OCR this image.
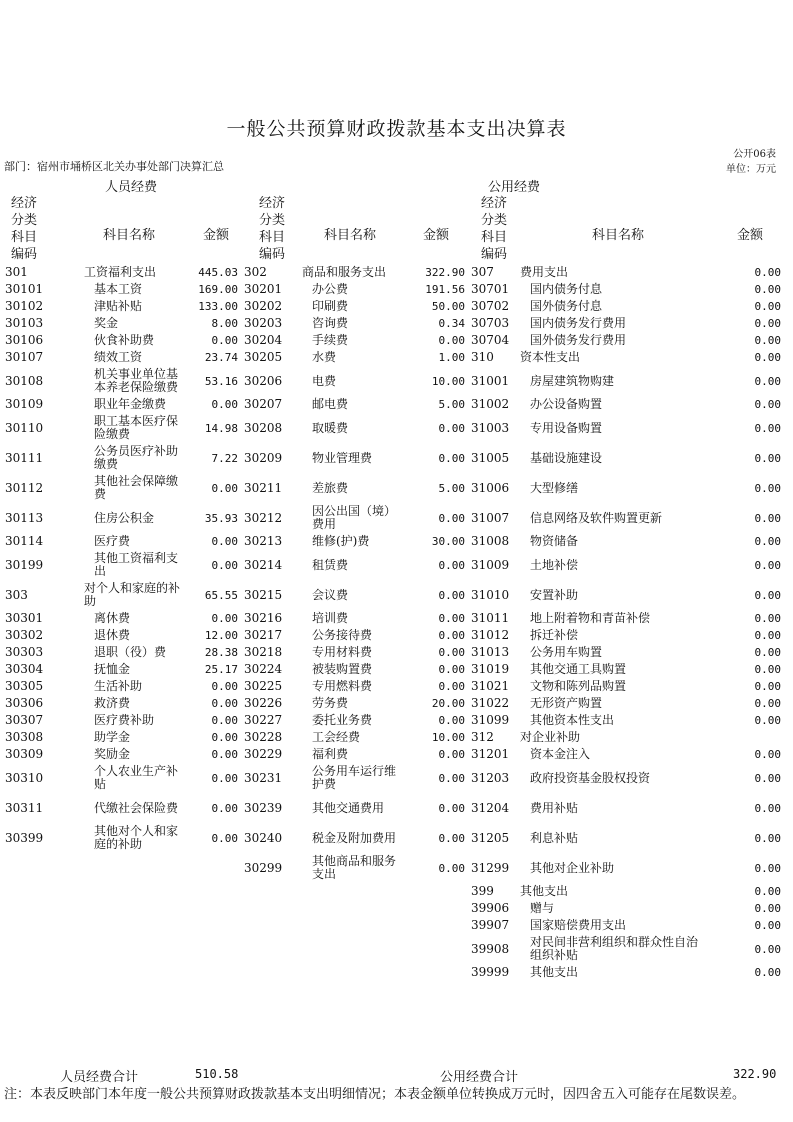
一般公共预算财政拨款基本支出决算表
公开06表
部门：宿州市埇桥区北关办事处部门决算汇总	单位：万元
人员经费	公用经费
经济
分类
科目
编码
科目名称	金额
经济
分类
科目
编码
科目名称	金额
经济
分类
科目
编码
科目名称	金额
301	工资福利支出	445.03	302	商品和服务支出	322.90	307	费用支出	0.00
30101	基本工资	169.00	30201	办公费	191.56	30701	国内债务付息	0.00
30102	津贴补贴	133.00	30202	印刷费	50.00	30702	国外债务付息	0.00
30103	奖金	8.00	30203	咨询费	0.34	30703	国内债务发行费用	0.00
30106	伙食补助费	0.00	30204	手续费	0.00	30704	国外债务发行费用	0.00
30107	绩效工资	23.74	30205	水费	1.00	310	资本性支出	0.00
30108	机关事业单位基本养老保险缴费	53.16	30206	电费	10.00	31001	房屋建筑物购建	0.00
30109	职业年金缴费	0.00	30207	邮电费	5.00	31002	办公设备购置	0.00
30110	职工基本医疗保险缴费	14.98	30208	取暖费	0.00	31003	专用设备购置	0.00
30111	公务员医疗补助缴费	7.22	30209	物业管理费	0.00	31005	基础设施建设	0.00
30112	其他社会保障缴费	0.00	30211	差旅费	5.00	31006	大型修缮	0.00
30113	住房公积金	35.93	30212	因公出国（境）费用	0.00	31007	信息网络及软件购置更新	0.00
30114	医疗费	0.00	30213	维修(护)费	30.00	31008	物资储备	0.00
30199	其他工资福利支出	0.00	30214	租赁费	0.00	31009	土地补偿	0.00
303	对个人和家庭的补助	65.55	30215	会议费	0.00	31010	安置补助	0.00
30301	离休费	0.00	30216	培训费	0.00	31011	地上附着物和青苗补偿	0.00
30302	退休费	12.00	30217	公务接待费	0.00	31012	拆迁补偿	0.00
30303	退职（役）费	28.38	30218	专用材料费	0.00	31013	公务用车购置	0.00
30304	抚恤金	25.17	30224	被装购置费	0.00	31019	其他交通工具购置	0.00
30305	生活补助	0.00	30225	专用燃料费	0.00	31021	文物和陈列品购置	0.00
30306	救济费	0.00	30226	劳务费	20.00	31022	无形资产购置	0.00
30307	医疗费补助	0.00	30227	委托业务费	0.00	31099	其他资本性支出	0.00
30308	助学金	0.00	30228	工会经费	10.00	312	对企业补助	
30309	奖励金	0.00	30229	福利费	0.00	31201	资本金注入	0.00
30310	个人农业生产补贴	0.00	30231	公务用车运行维护费	0.00	31203	政府投资基金股权投资	0.00
30311	代缴社会保险费	0.00	30239	其他交通费用	0.00	31204	费用补贴	0.00
30399	其他对个人和家庭的补助	0.00	30240	税金及附加费用	0.00	31205	利息补贴	0.00
			30299	其他商品和服务支出	0.00	31299	其他对企业补助	0.00
						399	其他支出	0.00
						39906	赠与	0.00
						39907	国家赔偿费用支出	0.00
						39908	对民间非营利组织和群众性自治组织补贴	0.00
						39999	其他支出	0.00
人员经费合计	510.58	公用经费合计	322.90
注：本表反映部门本年度一般公共预算财政拨款基本支出明细情况；本表金额单位转换成万元时，因四舍五入可能存在尾数误差。
